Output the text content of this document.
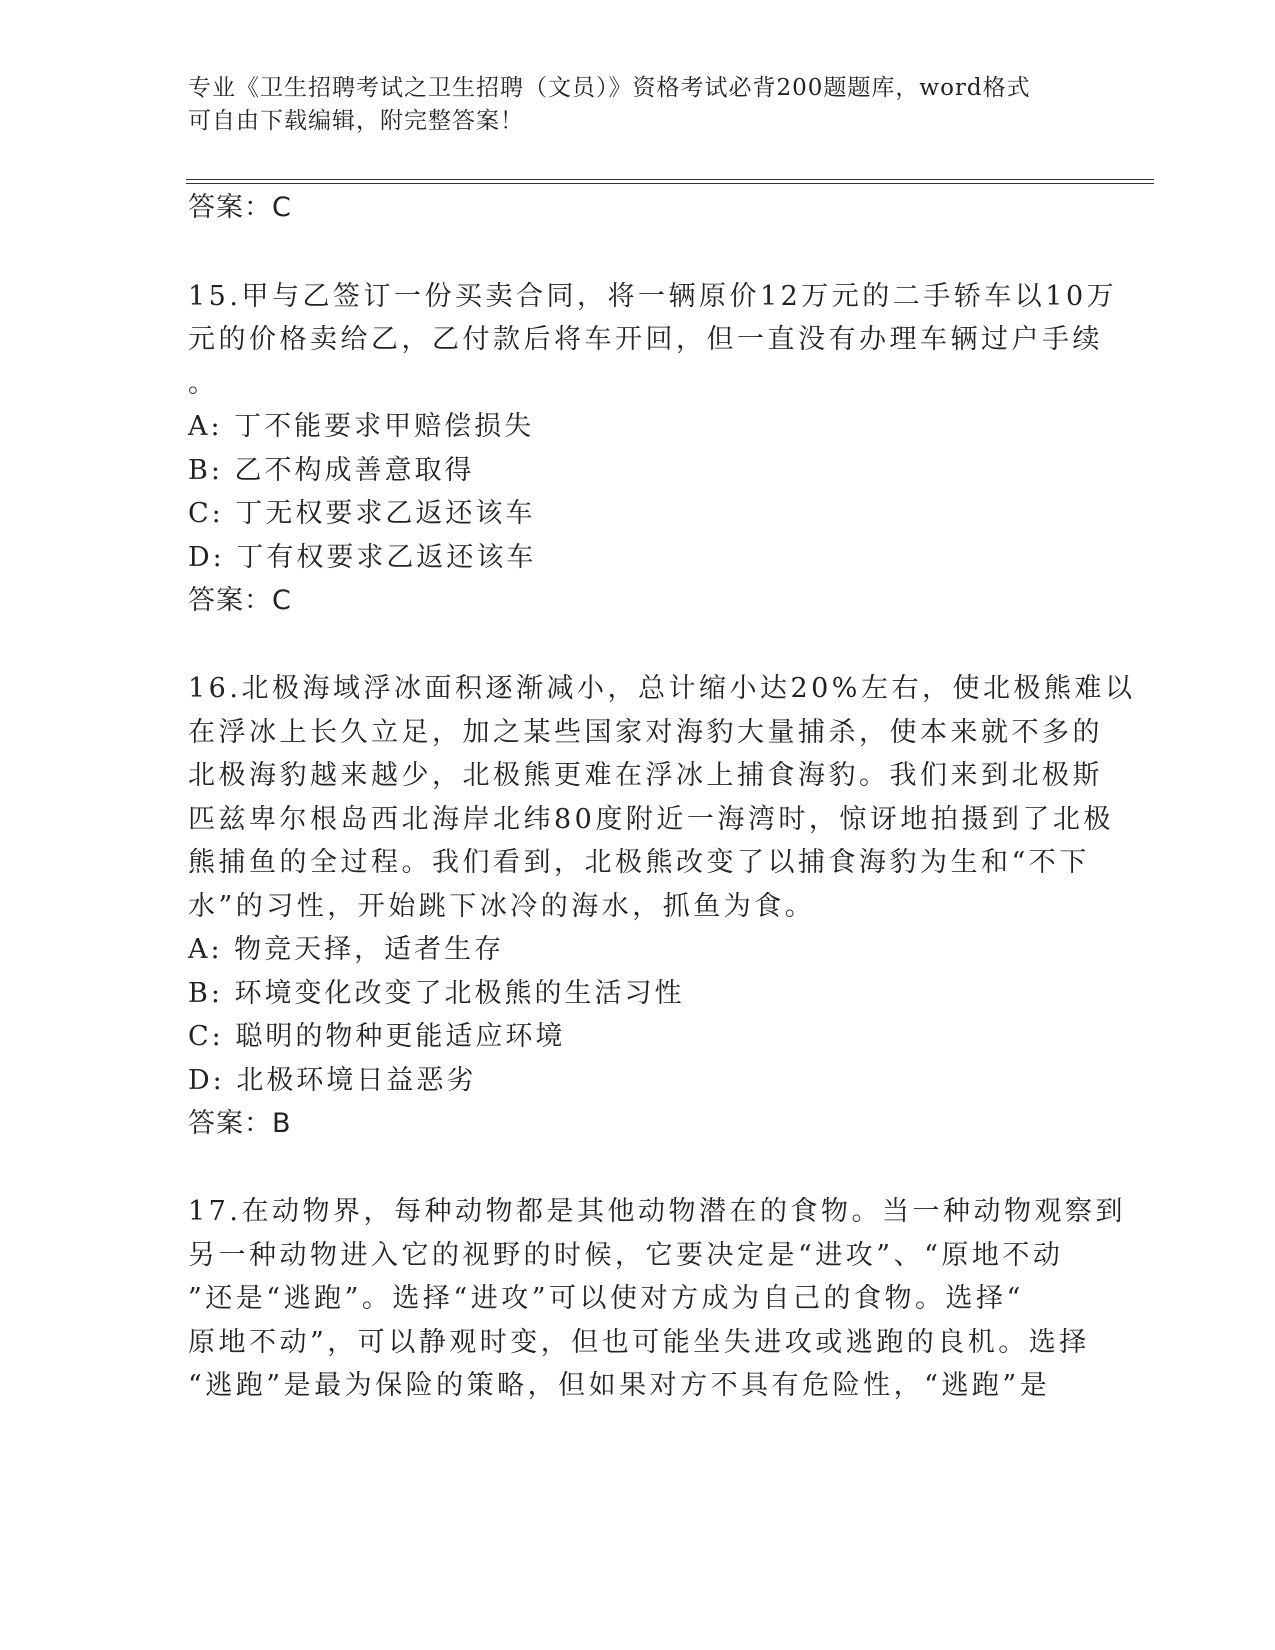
专业《卫生招聘考试之卫生招聘（文员）》资格考试必背200题题库，word格式
可自由下载编辑，附完整答案！
答案：C
15.甲与乙签订一份买卖合同，将一辆原价12万元的二手轿车以10万
元的价格卖给乙，乙付款后将车开回，但一直没有办理车辆过户手续
。
A: 丁不能要求甲赔偿损失
B: 乙不构成善意取得
C: 丁无权要求乙返还该车
D: 丁有权要求乙返还该车
答案：C
16.北极海域浮冰面积逐渐减小，总计缩小达20%左右，使北极熊难以
在浮冰上长久立足，加之某些国家对海豹大量捕杀，使本来就不多的
北极海豹越来越少，北极熊更难在浮冰上捕食海豹。我们来到北极斯
匹兹卑尔根岛西北海岸北纬80度附近一海湾时，惊讶地拍摄到了北极
熊捕鱼的全过程。我们看到，北极熊改变了以捕食海豹为生和“不下
水”的习性，开始跳下冰冷的海水，抓鱼为食。
A: 物竞天择，适者生存
B: 环境变化改变了北极熊的生活习性
C: 聪明的物种更能适应环境
D: 北极环境日益恶劣
答案：B
17.在动物界，每种动物都是其他动物潜在的食物。当一种动物观察到
另一种动物进入它的视野的时候，它要决定是“进攻”、“原地不动
”还是“逃跑”。选择“进攻”可以使对方成为自己的食物。选择“
原地不动”，可以静观时变，但也可能坐失进攻或逃跑的良机。选择
“逃跑”是最为保险的策略，但如果对方不具有危险性，“逃跑”是
